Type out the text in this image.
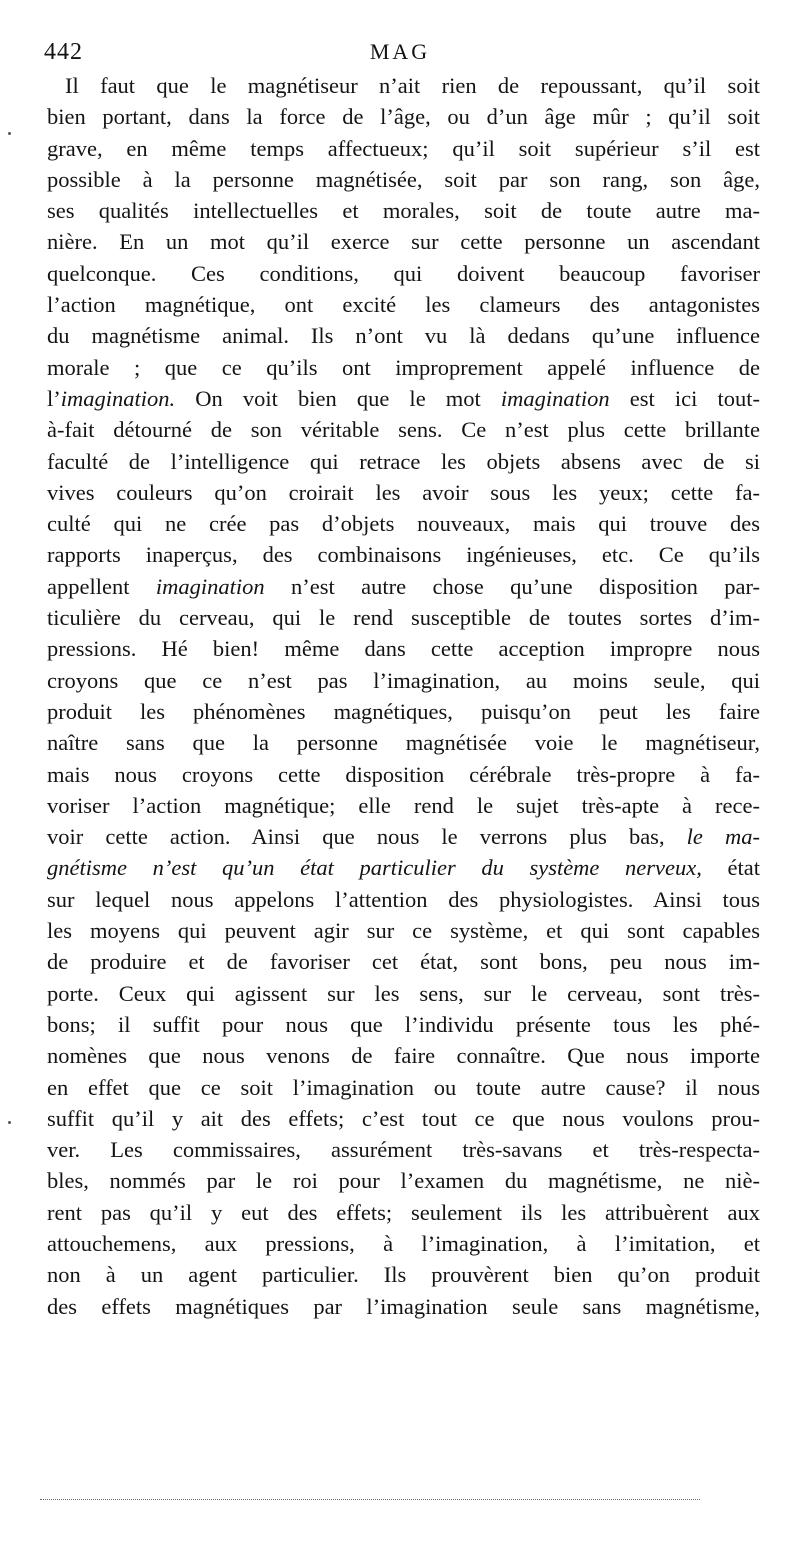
442	MAG
Il faut que le magnétiseur n’ait rien de repoussant, qu’il soit
bien portant, dans la force de l’âge, ou d’un âge mûr ; qu’il soit
grave, en même temps affectueux; qu’il soit supérieur s’il est
possible à la personne magnétisée, soit par son rang, son âge,
ses qualités intellectuelles et morales, soit de toute autre ma-
nière. En un mot qu’il exerce sur cette personne un ascendant
quelconque. Ces conditions, qui doivent beaucoup favoriser
l’action magnétique, ont excité les clameurs des antagonistes
du magnétisme animal. Ils n’ont vu là dedans qu’une influence
morale ; que ce qu’ils ont improprement appelé influence de
l’imagination. On voit bien que le mot imagination est ici tout-
à-fait détourné de son véritable sens. Ce n’est plus cette brillante
faculté de l’intelligence qui retrace les objets absens avec de si
vives couleurs qu’on croirait les avoir sous les yeux; cette fa-
culté qui ne crée pas d’objets nouveaux, mais qui trouve des
rapports inaperçus, des combinaisons ingénieuses, etc. Ce qu’ils
appellent imagination n’est autre chose qu’une disposition par-
ticulière du cerveau, qui le rend susceptible de toutes sortes d’im-
pressions. Hé bien! même dans cette acception impropre nous
croyons que ce n’est pas l’imagination, au moins seule, qui
produit les phénomènes magnétiques, puisqu’on peut les faire
naître sans que la personne magnétisée voie le magnétiseur,
mais nous croyons cette disposition cérébrale très-propre à fa-
voriser l’action magnétique; elle rend le sujet très-apte à rece-
voir cette action. Ainsi que nous le verrons plus bas, le ma-
gnétisme n’est qu’un état particulier du système nerveux, état
sur lequel nous appelons l’attention des physiologistes. Ainsi tous
les moyens qui peuvent agir sur ce système, et qui sont capables
de produire et de favoriser cet état, sont bons, peu nous im-
porte. Ceux qui agissent sur les sens, sur le cerveau, sont très-
bons; il suffit pour nous que l’individu présente tous les phé-
nomènes que nous venons de faire connaître. Que nous importe
en effet que ce soit l’imagination ou toute autre cause? il nous
suffit qu’il y ait des effets; c’est tout ce que nous voulons prou-
ver. Les commissaires, assurément très-savans et très-respecta-
bles, nommés par le roi pour l’examen du magnétisme, ne niè-
rent pas qu’il y eut des effets; seulement ils les attribuèrent aux
attouchemens, aux pressions, à l’imagination, à l’imitation, et
non à un agent particulier. Ils prouvèrent bien qu’on produit
des effets magnétiques par l’imagination seule sans magnétisme,
